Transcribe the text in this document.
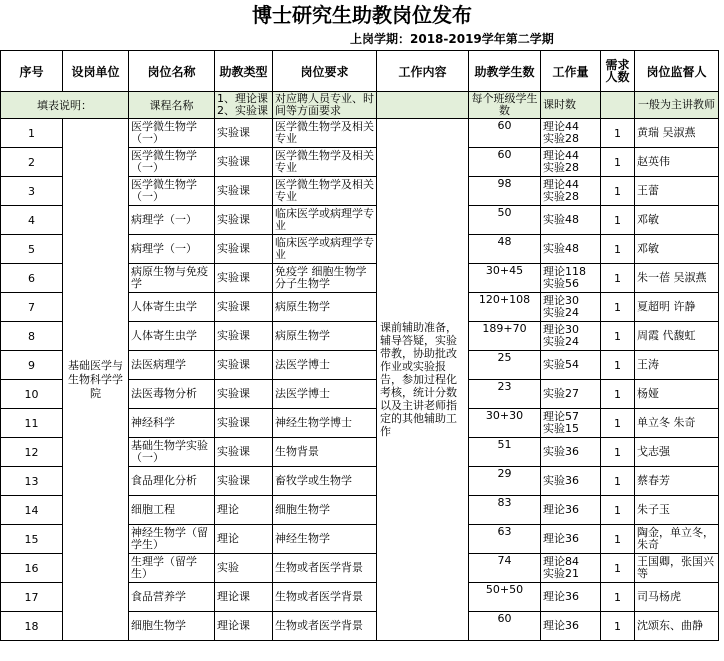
博士研究生助教岗位发布
上岗学期：2018-2019学年第二学期
序号	设岗单位	岗位名称	助教类型	岗位要求	工作内容	助教学生数	工作量	需求人数	岗位监督人
填表说明：		课程名称	1、理论课
2、实验课	对应聘人员专业、时间等方面要求		每个班级学生数	课时数		一般为主讲教师
1	基础医学与生物科学学院	医学微生物学（一）	实验课	医学微生物学及相关专业	课前辅助准备，辅导答疑，实验带教，协助批改作业或实验报告，参加过程化考核，统计分数以及主讲老师指定的其他辅助工作	60	理论44
实验28	1	黄瑞 吴淑燕
2		医学微生物学（一）	实验课	医学微生物学及相关专业		60	理论44
实验28	1	赵英伟
3		医学微生物学（一）	实验课	医学微生物学及相关专业		98	理论44
实验28	1	王蕾
4		病理学（一）	实验课	临床医学或病理学专业		50	实验48	1	邓敏
5		病理学（一）	实验课	临床医学或病理学专业		48	实验48	1	邓敏
6		病原生物与免疫学	实验课	免疫学 细胞生物学 分子生物学		30+45	理论118
实验56	1	朱一蓓 吴淑燕
7		人体寄生虫学	实验课	病原生物学		120+108	理论30
实验24	1	夏超明 许静
8		人体寄生虫学	实验课	病原生物学		189+70	理论30
实验24	1	周霞 代馥虹
9		法医病理学	实验课	法医学博士		25	实验54	1	王涛
10		法医毒物分析	实验课	法医学博士		23	实验27	1	杨娅
11		神经科学	实验课	神经生物学博士		30+30	理论57
实验15	1	单立冬 朱奇
12		基础生物学实验（一）	实验课	生物背景		51	实验36	1	戈志强
13		食品理化分析	实验课	畜牧学或生物学		29	实验36	1	蔡春芳
14		细胞工程	理论	细胞生物学		83	理论36	1	朱子玉
15		神经生物学（留学生）	理论	神经生物学		63	理论36	1	陶金，单立冬，朱奇
16		生理学（留学生）	实验	生物或者医学背景		74	理论84
实验21	1	王国卿，张国兴等
17		食品营养学	理论课	生物或者医学背景		50+50	理论36	1	司马杨虎
18		细胞生物学	理论课	生物或者医学背景		60	理论36	1	沈颂东、曲静
